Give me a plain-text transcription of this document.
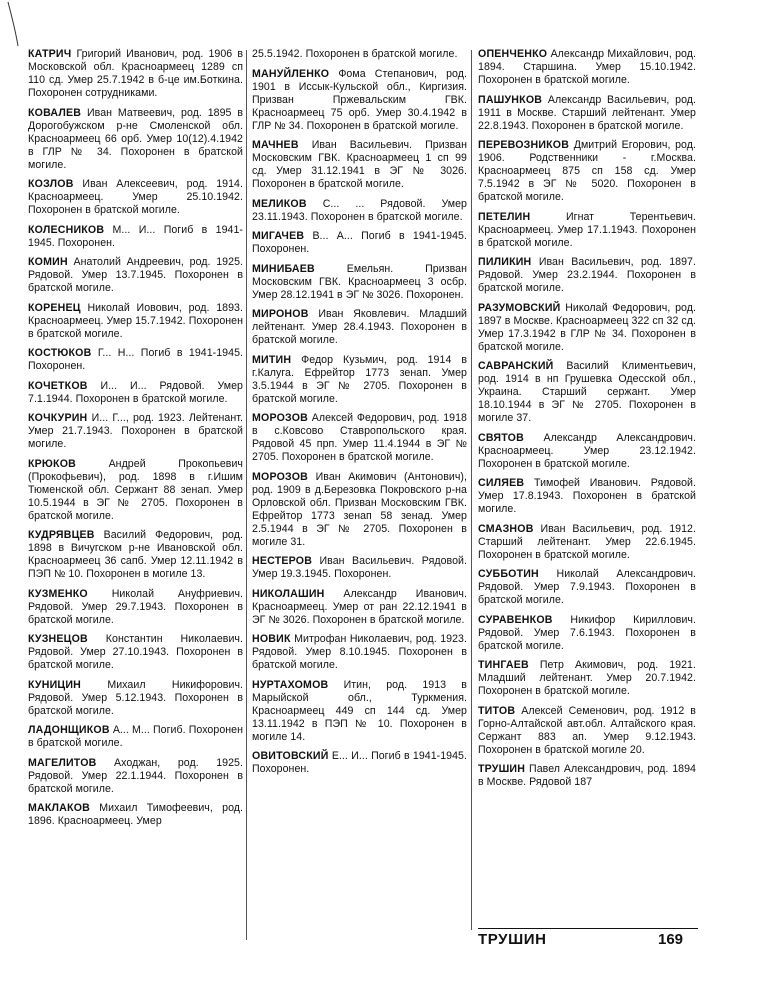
КАТРИЧ Григорий Иванович, род. 1906 в Московской обл. Красноармеец 1289 сп 110 сд. Умер 25.7.1942 в б-це им.Боткина. Похоронен сотрудниками.

КОВАЛЕВ Иван Матвеевич, род. 1895 в Дорогобужском р-не Смоленской обл. Красноармеец 66 орб. Умер 10(12).4.1942 в ГЛР № 34. Похоронен в братской могиле.

КОЗЛОВ Иван Алексеевич, род. 1914. Красноармеец. Умер 25.10.1942. Похоронен в братской могиле.

КОЛЕСНИКОВ М... И... Погиб в 1941-1945. Похоронен.

КОМИН Анатолий Андреевич, род. 1925. Рядовой. Умер 13.7.1945. Похоронен в братской могиле.

КОРЕНЕЦ Николай Иовович, род. 1893. Красноармеец. Умер 15.7.1942. Похоронен в братской могиле.

КОСТЮКОВ Г... Н... Погиб в 1941-1945. Похоронен.

КОЧЕТКОВ И... И... Рядовой. Умер 7.1.1944. Похоронен в братской могиле.

КОЧКУРИН И... Г..., род. 1923. Лейтенант. Умер 21.7.1943. Похоронен в братской могиле.

КРЮКОВ	Андрей Прокопьевич (Прокофьевич), род. 1898 в г.Ишим Тюменской обл. Сержант 88 зенап. Умер 10.5.1944 в ЭГ № 2705. Похоронен в братской могиле.

КУДРЯВЦЕВ Василий Федорович, род. 1898 в Вичугском р-не Ивановской обл. Красноармеец 36 сапб. Умер 12.11.1942 в ПЭП № 10. Похоронен в могиле 13.

КУЗМЕНКО Николай Ануфриевич. Рядовой. Умер 29.7.1943. Похоронен в братской могиле.

КУЗНЕЦОВ Константин Николаевич. Рядовой. Умер 27.10.1943. Похоронен в братской могиле.

КУНИЦИН Михаил Никифорович. Рядовой. Умер 5.12.1943. Похоронен в братской могиле.

ЛАДОНЩИКОВ А... М... Погиб. Похоронен в братской могиле.

МАГЕЛИТОВ Аходжан, род. 1925. Рядовой. Умер 22.1.1944. Похоронен в братской могиле.

МАКЛАКОВ Михаил Тимофеевич, род. 1896. Красноармеец. Умер

25.5.1942. Похоронен в братской могиле.

МАНУЙЛЕНКО Фома Степанович, род. 1901 в Иссык-Кульской обл., Киргизия. Призван Пржевальским ГВК. Красноармеец 75 орб. Умер 30.4.1942 в ГЛР № 34. Похоронен в братской могиле.

МАЧНЕВ Иван Васильевич. Призван Московским ГВК. Красноармеец 1 сп 99 сд. Умер 31.12.1941 в ЭГ № 3026. Похоронен в братской могиле.

МЕЛИКОВ С... ... Рядовой. Умер 23.11.1943. Похоронен в братской могиле.

МИГАЧЕВ В... А... Погиб в 1941-1945. Похоронен.

МИНИБАЕВ	Емельян. Призван Московским ГВК. Красноармеец 3 осбр. Умер 28.12.1941 в ЭГ № 3026. Похоронен.

МИРОНОВ Иван Яковлевич. Младший лейтенант. Умер 28.4.1943. Похоронен в братской могиле.

МИТИН Федор Кузьмич, род. 1914 в г.Калуга. Ефрейтор 1773 зенап. Умер 3.5.1944 в ЭГ № 2705. Похоронен в братской могиле.

МОРОЗОВ Алексей Федорович, род. 1918 в с.Ковсово Ставропольского края. Рядовой 45 прп. Умер 11.4.1944 в ЭГ № 2705. Похоронен в братской могиле.

МОРОЗОВ Иван Акимович (Антонович), род. 1909 в д.Березовка Покровского р-на Орловской обл. Призван Московским ГВК. Ефрейтор 1773 зенап 58 зенад. Умер 2.5.1944 в ЭГ № 2705. Похоронен в могиле 31.

НЕСТЕРОВ Иван Васильевич. Рядовой. Умер 19.3.1945. Похоронен.

НИКОЛАШИН Александр Иванович. Красноармеец. Умер от ран 22.12.1941 в ЭГ № 3026. Похоронен в братской могиле.

НОВИК Митрофан Николаевич, род. 1923. Рядовой. Умер 8.10.1945. Похоронен в братской могиле.

НУРТАХОМОВ Итин, род. 1913 в Марыйской обл., Туркмения. Красноармеец 449 сп 144 сд. Умер 13.11.1942 в ПЭП № 10. Похоронен в могиле 14.

ОВИТОВСКИЙ Е... И... Погиб в 1941-1945. Похоронен.

ОПЕНЧЕНКО Александр Михайлович, род. 1894. Старшина. Умер 15.10.1942. Похоронен в братской могиле.

ПАШУНКОВ Александр Васильевич, род. 1911 в Москве. Старший лейтенант. Умер 22.8.1943. Похоронен в братской могиле.

ПЕРЕВОЗНИКОВ Дмитрий Егорович, род. 1906. Родственники - г.Москва. Красноармеец 875 сп 158 сд. Умер 7.5.1942 в ЭГ № 5020. Похоронен в братской могиле.

ПЕТЕЛИН	Игнат Терентьевич. Красноармеец. Умер 17.1.1943. Похоронен в братской могиле.

ПИЛИКИН Иван Васильевич, род. 1897. Рядовой. Умер 23.2.1944. Похоронен в братской могиле.

РАЗУМОВСКИЙ Николай Федорович, род. 1897 в Москве. Красноармеец 322 сп 32 сд. Умер 17.3.1942 в ГЛР № 34. Похоронен в братской могиле.

САВРАНСКИЙ Василий Климентьевич, род. 1914 в нп Грушевка Одесской обл., Украина. Старший сержант. Умер 18.10.1944 в ЭГ № 2705. Похоронен в могиле 37.

СВЯТОВ Александр Александрович. Красноармеец. Умер 23.12.1942. Похоронен в братской могиле.

СИЛЯЕВ Тимофей Иванович. Рядовой. Умер 17.8.1943. Похоронен в братской могиле.

СМАЗНОВ Иван Васильевич, род. 1912. Старший лейтенант. Умер 22.6.1945. Похоронен в братской могиле.

СУББОТИН Николай Александрович. Рядовой. Умер 7.9.1943. Похоронен в братской могиле.

СУРАВЕНКОВ Никифор Кириллович. Рядовой. Умер 7.6.1943. Похоронен в братской могиле.

ТИНГАЕВ Петр Акимович, род. 1921. Младший лейтенант. Умер 20.7.1942. Похоронен в братской могиле.

ТИТОВ Алексей Семенович, род. 1912 в Горно-Алтайской авт.обл. Алтайского края. Сержант 883 ап. Умер 9.12.1943. Похоронен в братской могиле 20.

ТРУШИН Павел Александрович, род. 1894 в Москве. Рядовой 187

ТРУШИН	169
